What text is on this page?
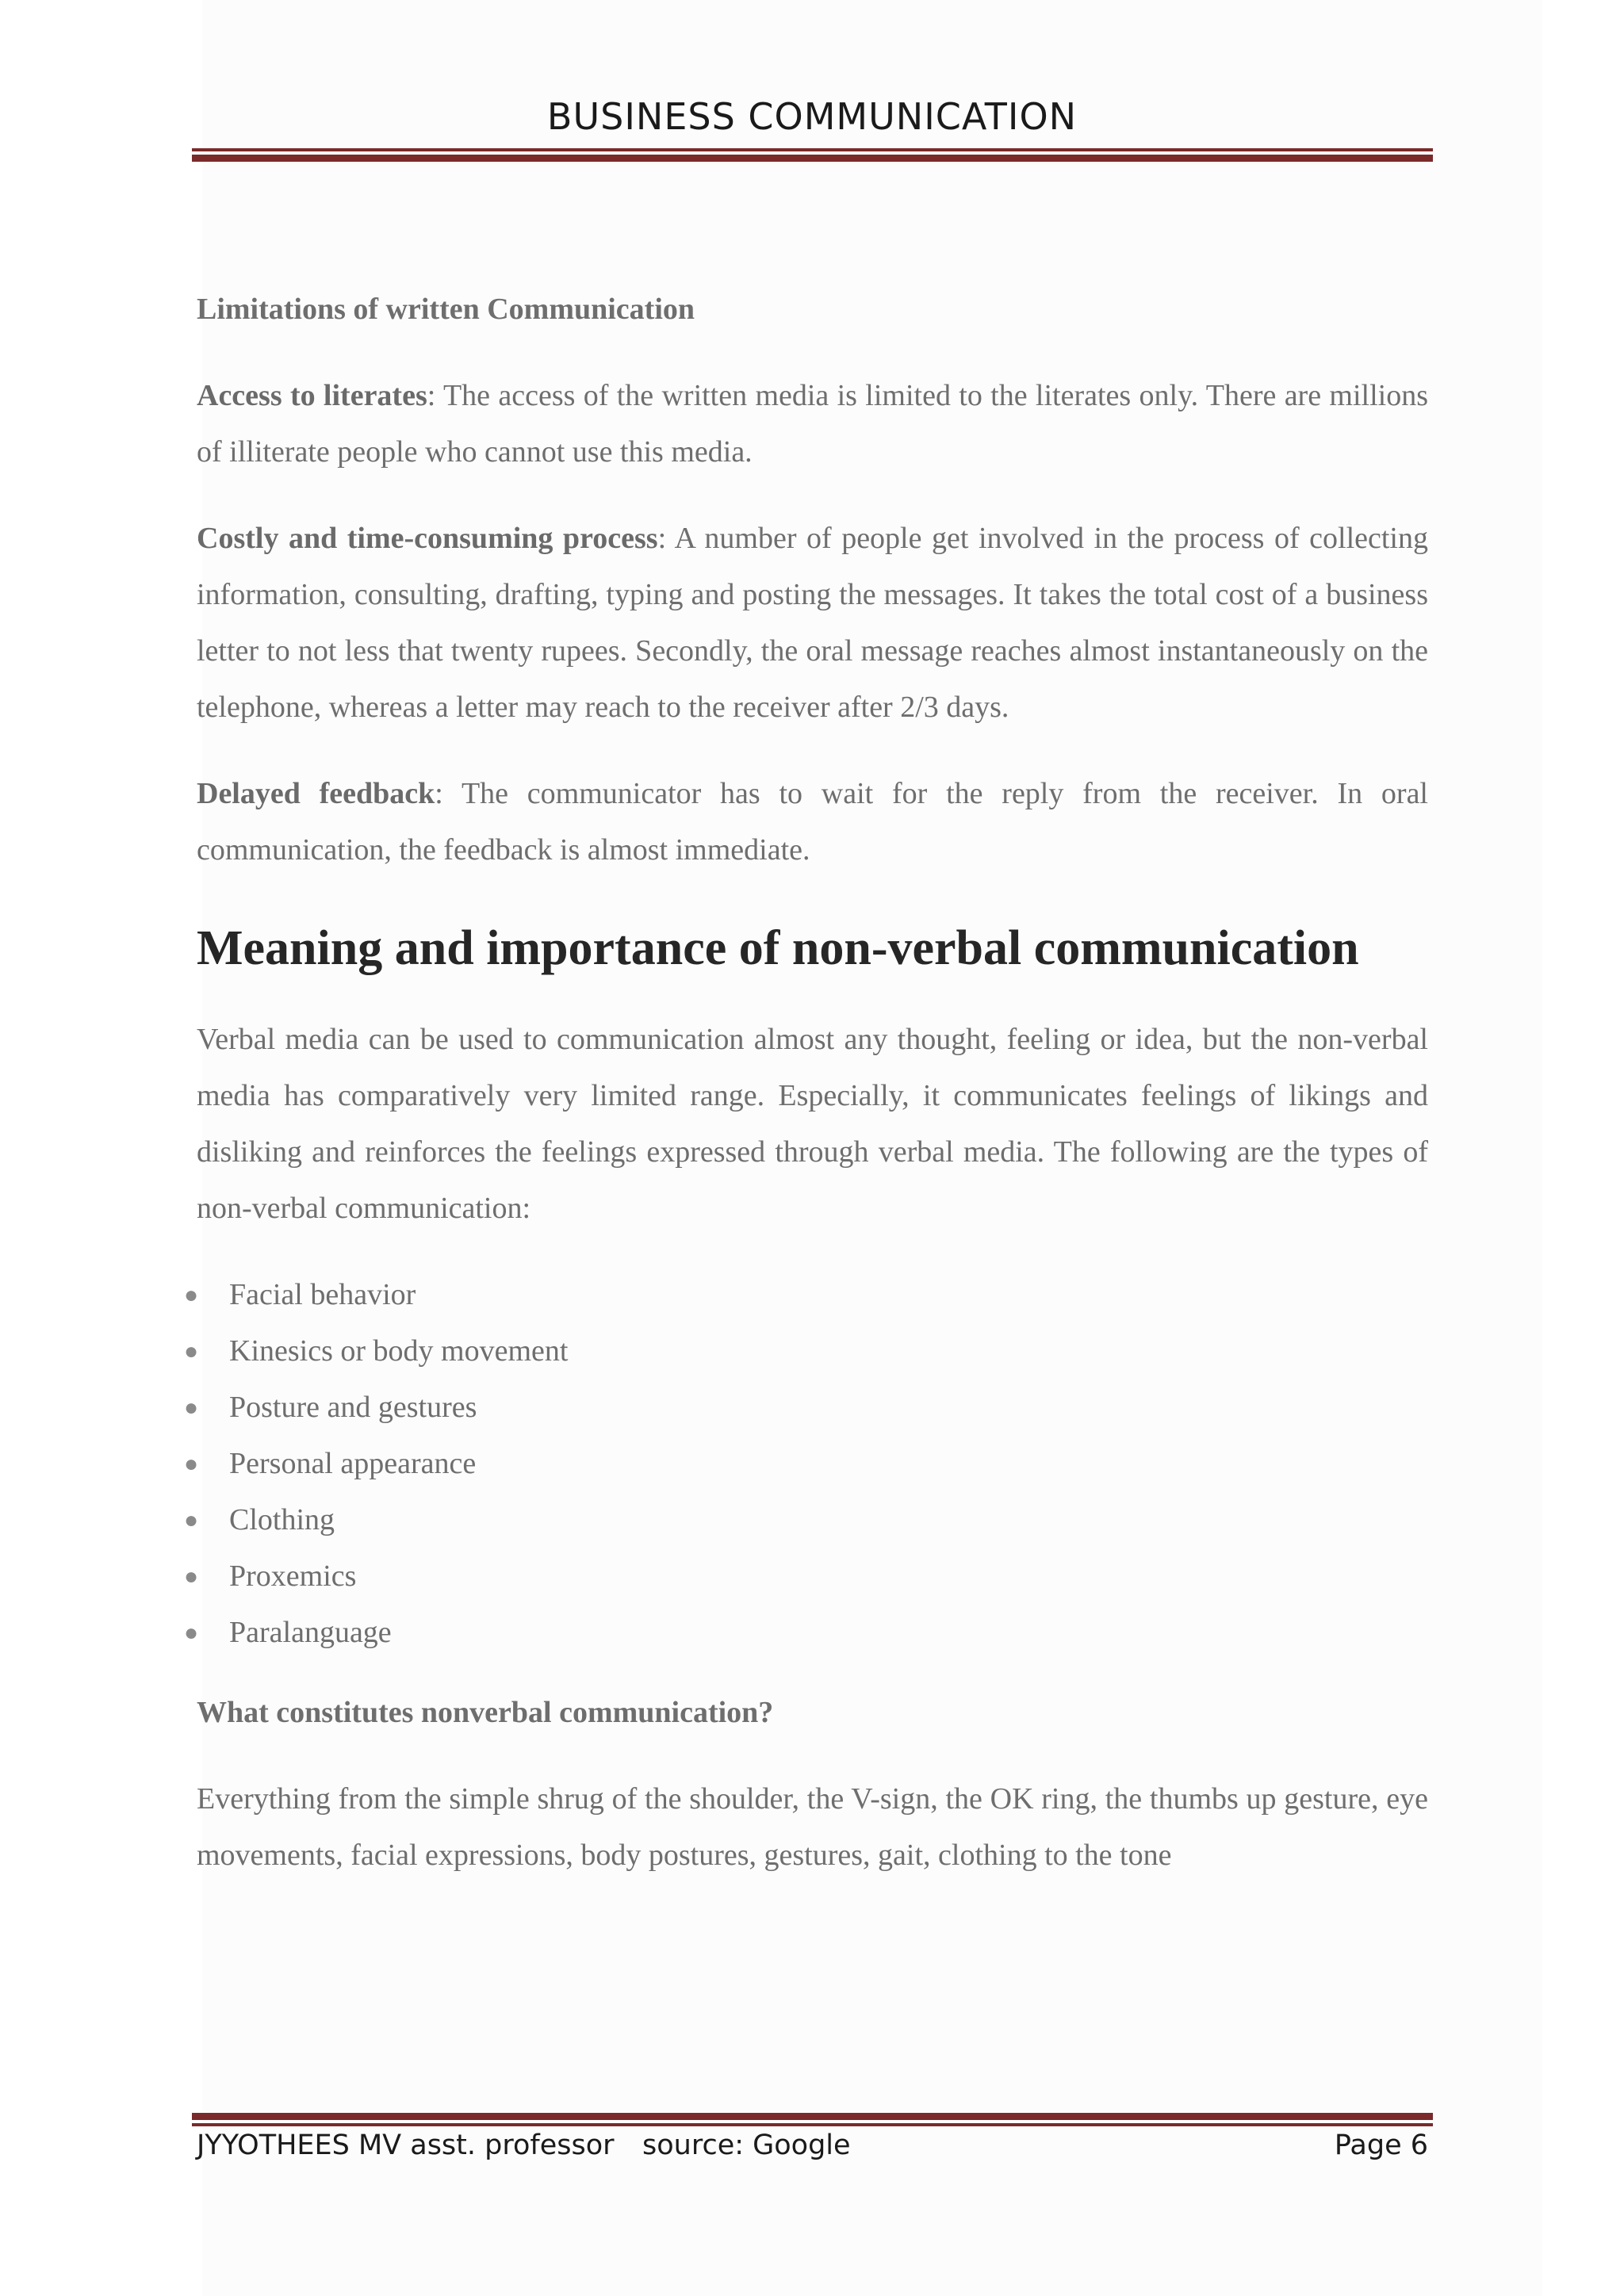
BUSINESS COMMUNICATION

Limitations of written Communication

Access to literates: The access of the written media is limited to the literates only. There are millions of illiterate people who cannot use this media.

Costly and time-consuming process: A number of people get involved in the process of collecting information, consulting, drafting, typing and posting the messages. It takes the total cost of a business letter to not less that twenty rupees. Secondly, the oral message reaches almost instantaneously on the telephone, whereas a letter may reach to the receiver after 2/3 days.

Delayed feedback: The communicator has to wait for the reply from the receiver. In oral communication, the feedback is almost immediate.

Meaning and importance of non-verbal communication

Verbal media can be used to communication almost any thought, feeling or idea, but the non-verbal media has comparatively very limited range. Especially, it communicates feelings of likings and disliking and reinforces the feelings expressed through verbal media. The following are the types of non-verbal communication:

● Facial behavior
● Kinesics or body movement
● Posture and gestures
● Personal appearance
● Clothing
● Proxemics
● Paralanguage

What constitutes nonverbal communication?

Everything from the simple shrug of the shoulder, the V-sign, the OK ring, the thumbs up gesture, eye movements, facial expressions, body postures, gestures, gait, clothing to the tone

JYYOTHEES MV asst. professor source: Google	Page 6
